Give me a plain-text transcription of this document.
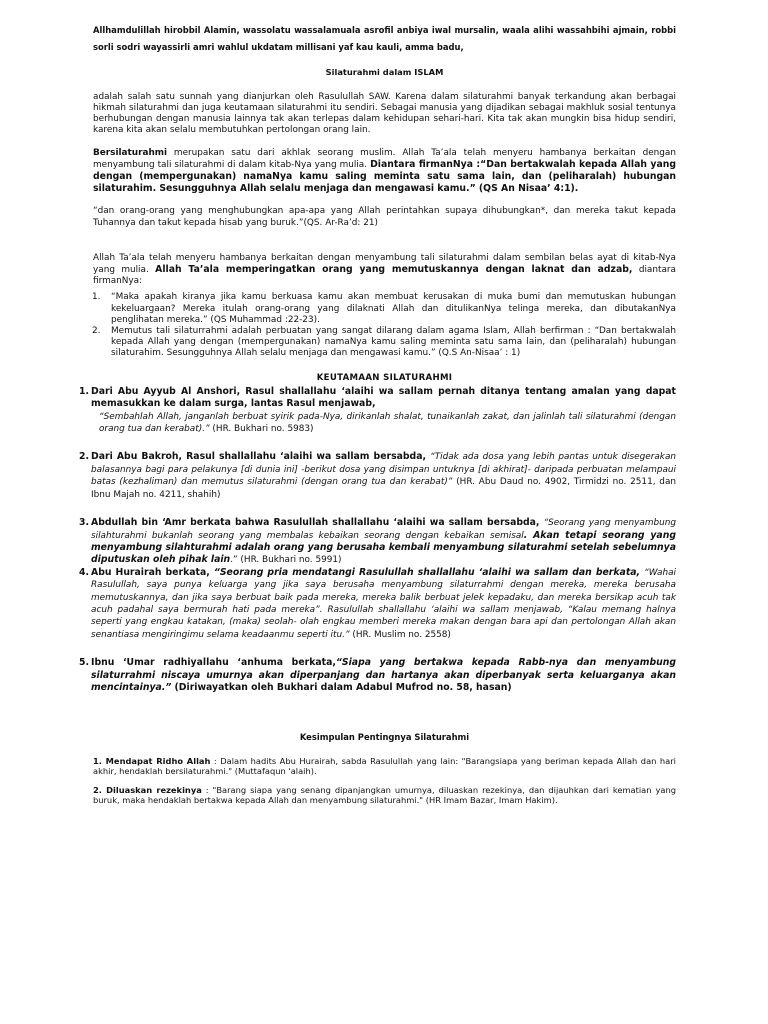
Allhamdulillah hirobbil Alamin, wassolatu wassalamuala asrofil anbiya iwal mursalin, waala alihi wassahbihi ajmain, robbi sorli sodri wayassirli amri wahlul ukdatam millisani yaf kau kauli, amma badu,

Silaturahmi dalam ISLAM

adalah salah satu sunnah yang dianjurkan oleh Rasulullah SAW. Karena dalam silaturahmi banyak terkandung akan berbagai hikmah silaturahmi dan juga keutamaan silaturahmi itu sendiri. Sebagai manusia yang dijadikan sebagai makhluk sosial tentunya berhubungan dengan manusia lainnya tak akan terlepas dalam kehidupan sehari-hari. Kita tak akan mungkin bisa hidup sendiri, karena kita akan selalu membutuhkan pertolongan orang lain.

Bersilaturahmi merupakan satu dari akhlak seorang muslim. Allah Ta’ala telah menyeru hambanya berkaitan dengan menyambung tali silaturahmi di dalam kitab-Nya yang mulia. Diantara firmanNya :“Dan bertakwalah kepada Allah yang dengan (mempergunakan) namaNya kamu saling meminta satu sama lain, dan (peliharalah) hubungan silaturahim. Sesungguhnya Allah selalu menjaga dan mengawasi kamu.” (QS An Nisaa’ 4:1).

“dan orang-orang yang menghubungkan apa-apa yang Allah perintahkan supaya dihubungkan*, dan mereka takut kepada Tuhannya dan takut kepada hisab yang buruk.”(QS. Ar-Ra’d: 21)

Allah Ta’ala telah menyeru hambanya berkaitan dengan menyambung tali silaturahmi dalam sembilan belas ayat di kitab-Nya yang mulia. Allah Ta’ala memperingatkan orang yang memutuskannya dengan laknat dan adzab, diantara firmanNya:

1. “Maka apakah kiranya jika kamu berkuasa kamu akan membuat kerusakan di muka bumi dan memutuskan hubungan kekeluargaan? Mereka itulah orang-orang yang dilaknati Allah dan ditulikanNya telinga mereka, dan dibutakanNya penglihatan mereka.” (QS Muhammad :22-23).
2. Memutus tali silaturrahmi adalah perbuatan yang sangat dilarang dalam agama Islam, Allah berfirman : “Dan bertakwalah kepada Allah yang dengan (mempergunakan) namaNya kamu saling meminta satu sama lain, dan (peliharalah) hubungan silaturahim. Sesungguhnya Allah selalu menjaga dan mengawasi kamu.” (Q.S An-Nisaa’ : 1)

KEUTAMAAN SILATURAHMI

1. Dari Abu Ayyub Al Anshori, Rasul shallallahu ‘alaihi wa sallam pernah ditanya tentang amalan yang dapat memasukkan ke dalam surga, lantas Rasul menjawab,
“Sembahlah Allah, janganlah berbuat syirik pada-Nya, dirikanlah shalat, tunaikanlah zakat, dan jalinlah tali silaturahmi (dengan orang tua dan kerabat).” (HR. Bukhari no. 5983)
2. Dari Abu Bakroh, Rasul shallallahu ‘alaihi wa sallam bersabda, “Tidak ada dosa yang lebih pantas untuk disegerakan balasannya bagi para pelakunya [di dunia ini] -berikut dosa yang disimpan untuknya [di akhirat]- daripada perbuatan melampaui batas (kezhaliman) dan memutus silaturahmi (dengan orang tua dan kerabat)” (HR. Abu Daud no. 4902, Tirmidzi no. 2511, dan Ibnu Majah no. 4211, shahih)
3. Abdullah bin ‘Amr berkata bahwa Rasulullah shallallahu ‘alaihi wa sallam bersabda, “Seorang yang menyambung silahturahmi bukanlah seorang yang membalas kebaikan seorang dengan kebaikan semisal. Akan tetapi seorang yang menyambung silahturahmi adalah orang yang berusaha kembali menyambung silaturahmi setelah sebelumnya diputuskan oleh pihak lain.” (HR. Bukhari no. 5991)
4. Abu Hurairah berkata, “Seorang pria mendatangi Rasulullah shallallahu ‘alaihi wa sallam dan berkata, “Wahai Rasulullah, saya punya keluarga yang jika saya berusaha menyambung silaturrahmi dengan mereka, mereka berusaha memutuskannya, dan jika saya berbuat baik pada mereka, mereka balik berbuat jelek kepadaku, dan mereka bersikap acuh tak acuh padahal saya bermurah hati pada mereka”. Rasulullah shallallahu ‘alaihi wa sallam menjawab, “Kalau memang halnya seperti yang engkau katakan, (maka) seolah- olah engkau memberi mereka makan dengan bara api dan pertolongan Allah akan senantiasa mengiringimu selama keadaanmu seperti itu.” (HR. Muslim no. 2558)
5. Ibnu ‘Umar radhiyallahu ‘anhuma berkata,“Siapa yang bertakwa kepada Rabb-nya dan menyambung silaturrahmi niscaya umurnya akan diperpanjang dan hartanya akan diperbanyak serta keluarganya akan mencintainya.” (Diriwayatkan oleh Bukhari dalam Adabul Mufrod no. 58, hasan)

Kesimpulan Pentingnya Silaturahmi

1. Mendapat Ridho Allah : Dalam hadits Abu Hurairah, sabda Rasulullah yang lain: "Barangsiapa yang beriman kepada Allah dan hari akhir, hendaklah bersilaturahmi." (Muttafaqun 'alaih).

2. Diluaskan rezekinya : "Barang siapa yang senang dipanjangkan umurnya, diluaskan rezekinya, dan dijauhkan dari kematian yang buruk, maka hendaklah bertakwa kepada Allah dan menyambung silaturahmi." (HR Imam Bazar, Imam Hakim).
